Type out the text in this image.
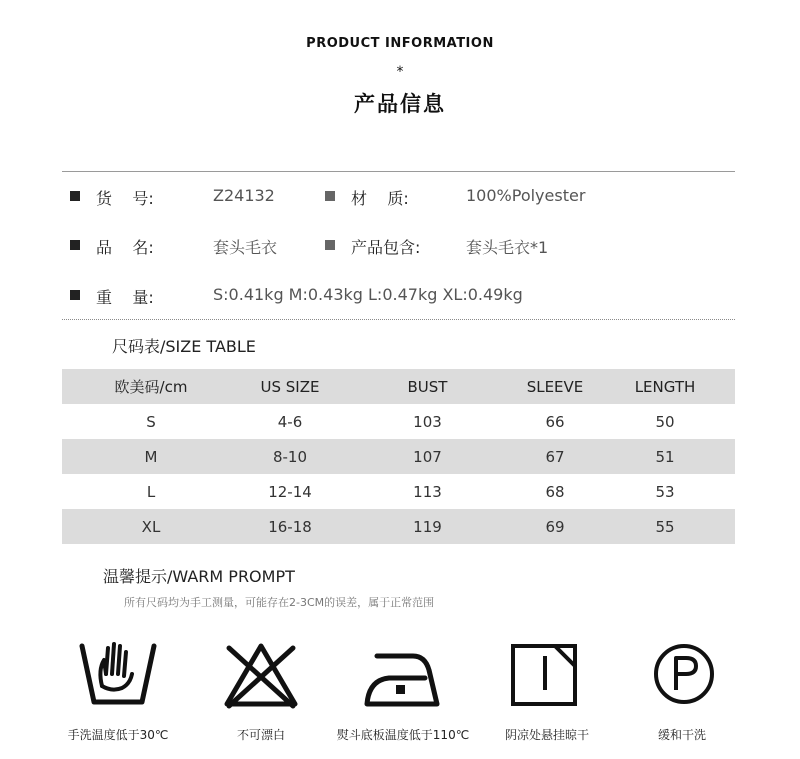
PRODUCT INFORMATION
*
产品信息
货    号:	Z24132	材    质:	100%Polyester
品    名:	套头毛衣	产品包含:	套头毛衣*1
重    量:	S:0.41kg M:0.43kg L:0.47kg XL:0.49kg
尺码表/SIZE TABLE
欧美码/cm	US SIZE	BUST	SLEEVE	LENGTH
S	4-6	103	66	50
M	8-10	107	67	51
L	12-14	113	68	53
XL	16-18	119	69	55
温馨提示/WARM PROMPT
所有尺码均为手工测量，可能存在2-3CM的误差，属于正常范围
手洗温度低于30℃	不可漂白	熨斗底板温度低于110℃	阴凉处悬挂晾干	缓和干洗
